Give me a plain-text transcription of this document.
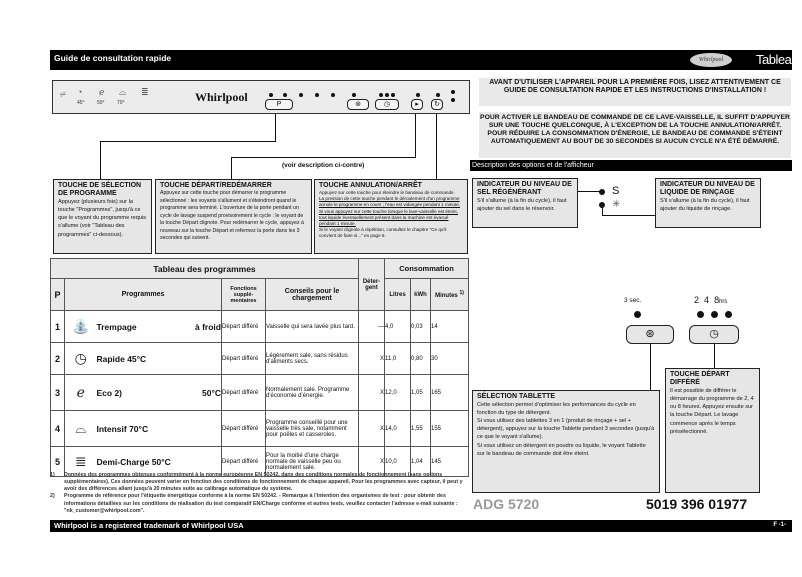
Guide de consultation rapide	Whirlpool	Tableau
⩫ ◔
45°
ℯ
50°
⌓
70°
≣	Whirlpool
P	⊛	◷	▸	↻
(voir description ci-contre)
TOUCHE DE SÉLECTION DE PROGRAMME
Appuyez (plusieurs fois) sur la touche "Programmes", jusqu'à ce que le voyant du programme requis s'allume (voir "Tableau des programmes" ci-dessous).
TOUCHE DÉPART/REDÉMARRER
Appuyez sur cette touche pour démarrer le programme sélectionné : les voyants s'allument et s'éteindront quand le programme sera terminé. L'ouverture de la porte pendant un cycle de lavage suspend provisoirement le cycle : le voyant de la touche Départ clignote. Pour redémarrer le cycle, appuyez à nouveau sur la touche Départ et refermez la porte dans les 3 secondes qui suivent.
TOUCHE ANNULATION/ARRÊT
Appuyez sur cette touche pour éteindre le bandeau de commande.
La pression de cette touche pendant le déroulement d'un programme annule le programme en cours ; l'eau est vidangée pendant 1 minute.
Si vous appuyez sur cette touche lorsque le lave-vaisselle est éteint, tout liquide éventuellement présent dans la machine est évacué pendant 1 minute.
Si le voyant clignote à répétition, consultez le chapitre "Ce qu'il convient de faire si..." en page 6.
AVANT D'UTILISER L'APPAREIL POUR LA PREMIÈRE FOIS, LISEZ ATTENTIVEMENT CE GUIDE DE CONSULTATION RAPIDE ET LES INSTRUCTIONS D'INSTALLATION !
POUR ACTIVER LE BANDEAU DE COMMANDE DE CE LAVE-VAISSELLE, IL SUFFIT D'APPUYER SUR UNE TOUCHE QUELCONQUE, À L'EXCEPTION DE LA TOUCHE ANNULATION/ARRÊT. POUR RÉDUIRE LA CONSOMMATION D'ÉNERGIE, LE BANDEAU DE COMMANDE S'ÉTEINT AUTOMATIQUEMENT AU BOUT DE 30 SECONDES SI AUCUN CYCLE N'A ÉTÉ DÉMARRÉ.
Description des options et de l'afficheur
INDICATEUR DU NIVEAU DE SEL RÉGÉNÉRANT
S'il s'allume (à la fin du cycle), il faut ajouter du sel dans le réservoir.
S
✳
INDICATEUR DU NIVEAU DE LIQUIDE DE RINÇAGE
S'il s'allume (à la fin du cycle), il faut ajouter du liquide de rinçage.
3 sec.	2 4 8hrs
⊛	◷
SÉLECTION TABLETTE
Cette sélection permet d'optimiser les performances du cycle en fonction du type de détergent.
Si vous utilisez des tablettes 3 en 1 (produit de rinçage + sel + détergent), appuyez sur la touche Tablette pendant 3 secondes (jusqu'à ce que le voyant s'allume).
Si vous utilisez un détergent en poudre ou liquide, le voyant Tablette sur le bandeau de commande doit être éteint.
TOUCHE DÉPART DIFFÉRÉ
Il est possible de différer le démarrage du programme de 2, 4 ou 8 heures. Appuyez ensuite sur la touche Départ. Le lavage commence après le temps présélectionné.
Tableau des programmes					Déter-gent	Consommation		
P	Programmes		Fonctions supplé-mentaires	Conseils pour le chargement		Litres	kWh	Minutes $^{1)}$
1	⛲	Trempage à froid	Départ différé	Vaisselle qui sera lavée plus tard.	—	4,0	0,03	14
2	◷	Rapide 45°C	Départ différé	Légèrement sale, sans résidus d'aliments secs.	X	11,0	0,80	30
3	ℯ	Eco 2) 50°C	Départ différé	Normalement sale. Programme d'économie d'énergie.	X	12,0	1,05	165
4	⌓	Intensif 70°C	Départ différé	Programme conseillé pour une vaisselle très sale, notamment pour poêles et casseroles.	X	14,0	1,55	155
5	≣	Demi-Charge 50°C	Départ différé	Pour la moitié d'une charge normale de vaisselle peu ou normalement sale.	X	10,0	1,04	145
1)	Données des programmes obtenues conformément à la norme européenne EN 50242, dans des conditions normales de fonctionnement (sans options supplémentaires). Ces données peuvent varier en fonction des conditions de fonctionnement de chaque appareil. Pour les programmes avec capteur, il peut y avoir des différences allant jusqu'à 20 minutes suite au calibrage automatique du système.
2)	Programme de référence pour l'étiquette énergétique conforme à la norme EN 50242. - Remarque à l'intention des organismes de test : pour obtenir des informations détaillées sur les conditions de réalisation du test comparatif EN/Charge conforme et autres tests, veuillez contacter l'adresse e-mail suivante : "nk_customer@whirlpool.com".	ADG 5720	5019 396 01977
Whirlpool is a registered trademark of Whirlpool USA	F -1-
